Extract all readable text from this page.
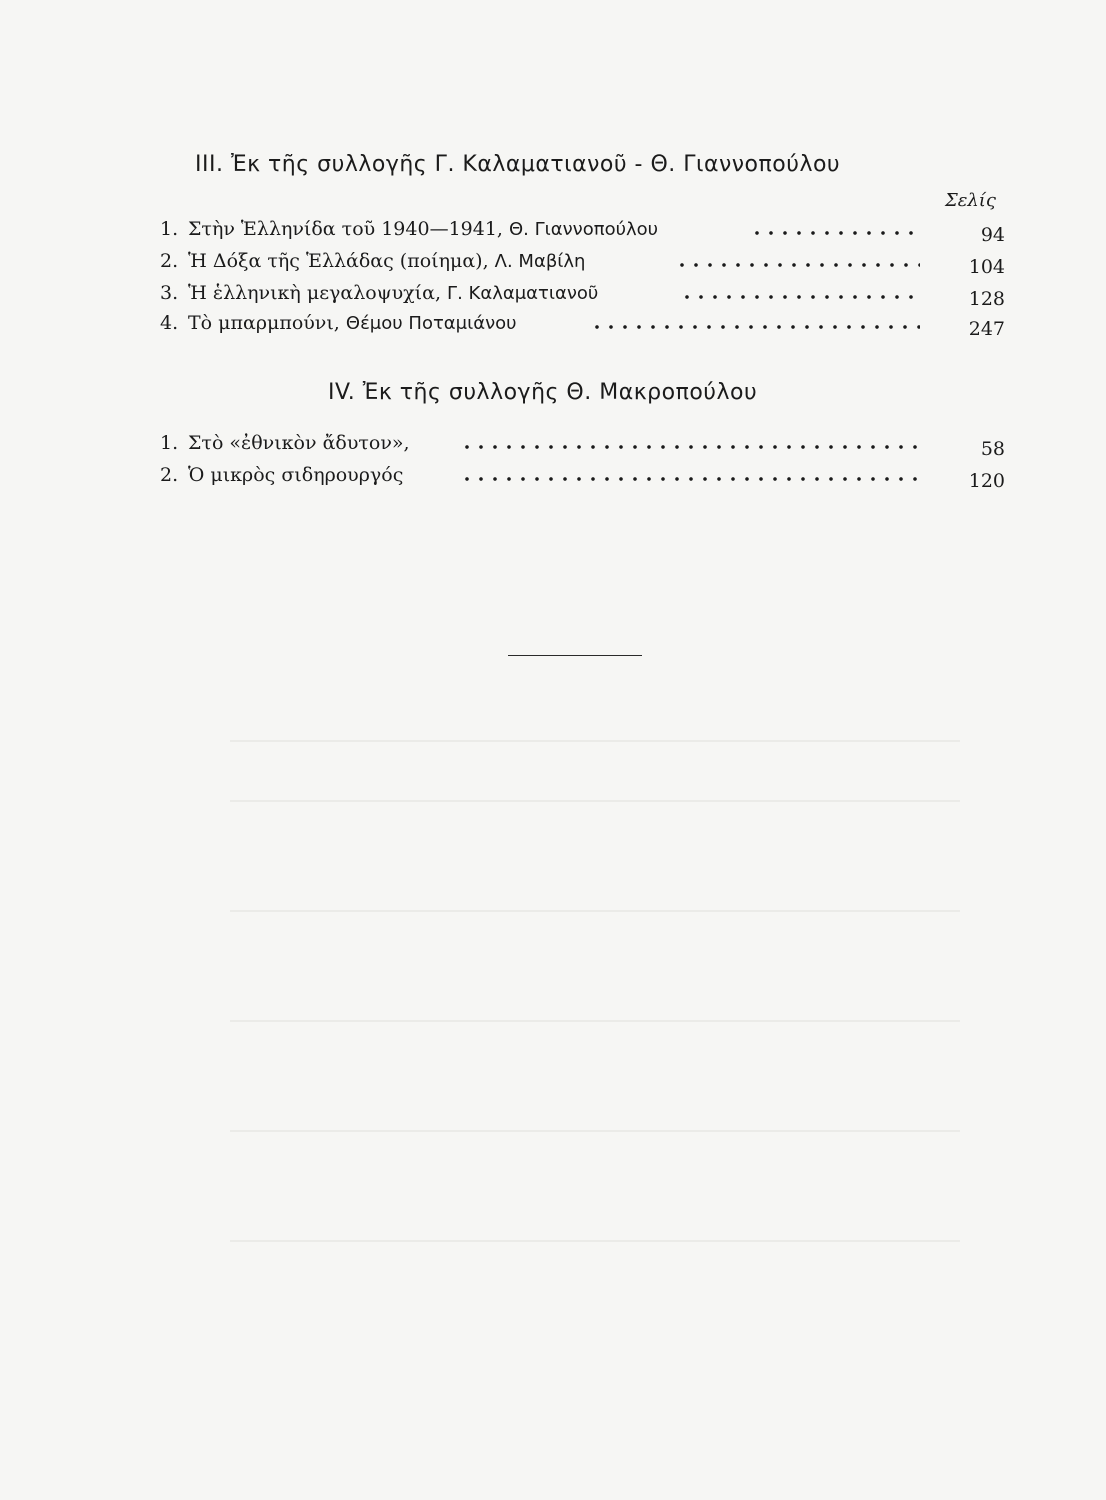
III. Ἐκ τῆς συλλογῆς Γ. Καλαματιανοῦ - Θ. Γιαννοπούλου
Σελίς
1. Στὴν Ἑλληνίδα τοῦ 1940—1941, Θ. Γιαννοπούλου	94
2. Ἡ Δόξα τῆς Ἑλλάδας (ποίημα), Λ. Μαβίλη	104
3. Ἡ ἑλληνικὴ μεγαλοψυχία, Γ. Καλαματιανοῦ	128
4. Τὸ μπαρμπούνι, Θέμου Ποταμιάνου	247
IV. Ἐκ τῆς συλλογῆς Θ. Μακροπούλου
1. Στὸ «ἐθνικὸν ἄδυτον»,	58
2. Ὁ μικρὸς σιδηρουργός	120
